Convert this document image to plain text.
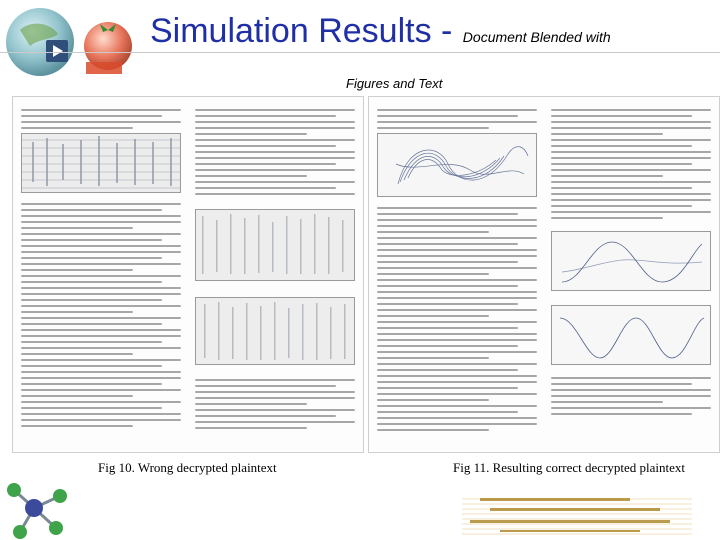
Simulation Results - Document Blended with
Figures and Text
Fig 10. Wrong decrypted plaintext	Fig 11. Resulting correct decrypted plaintext
